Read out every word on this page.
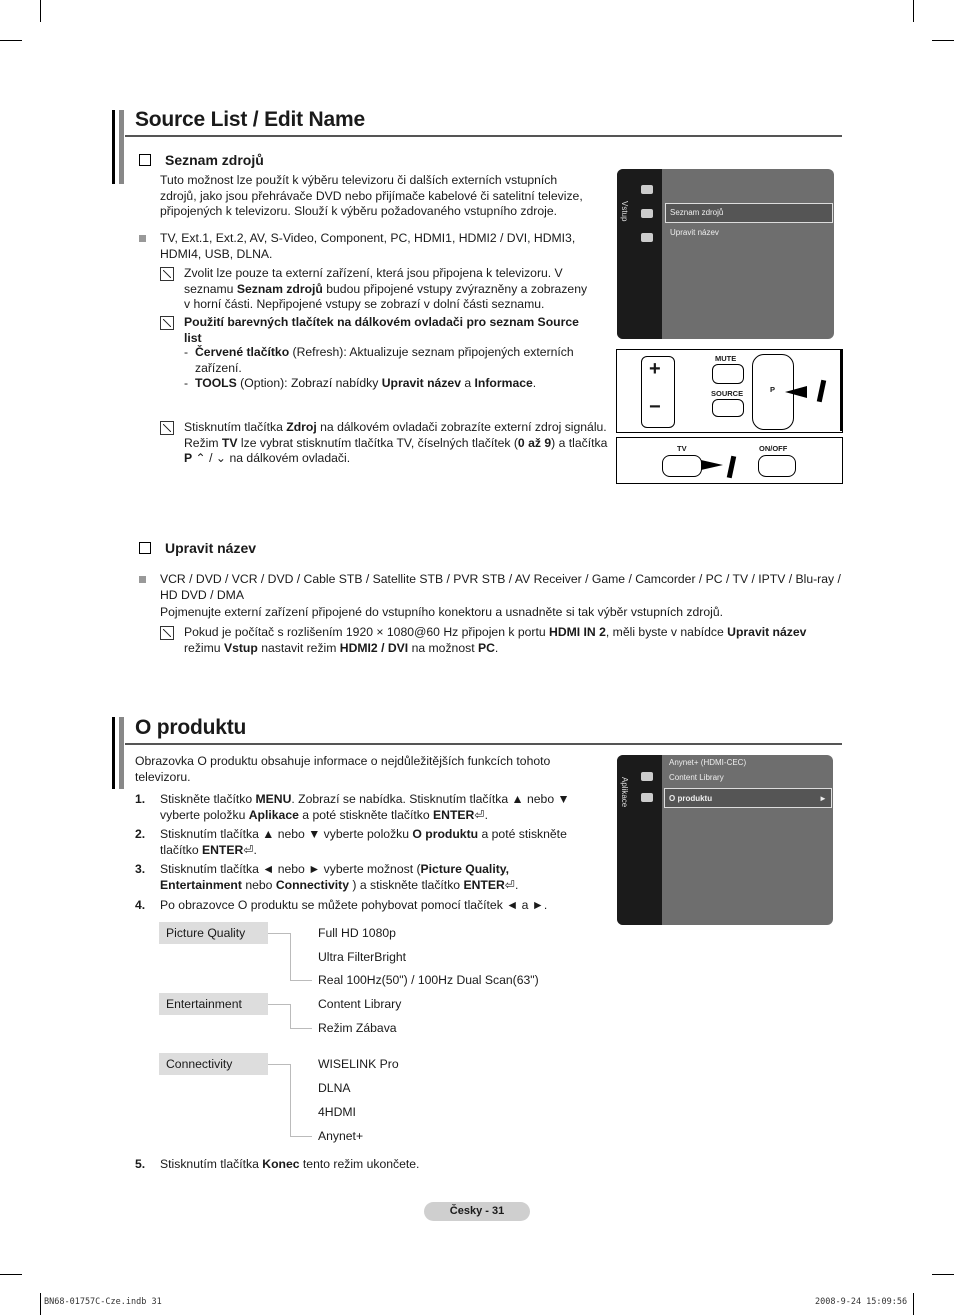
Source List / Edit Name
Seznam zdrojů
Tuto možnost lze použít k výběru televizoru či dalších externích vstupních zdrojů, jako jsou přehrávače DVD nebo přijímače kabelové či satelitní televize, připojených k televizoru. Slouží k výběru požadovaného vstupního zdroje.
TV, Ext.1, Ext.2, AV, S-Video, Component, PC, HDMI1, HDMI2 / DVI, HDMI3, HDMI4, USB, DLNA.
Zvolit lze pouze ta externí zařízení, která jsou připojena k televizoru. V seznamu Seznam zdrojů budou připojené vstupy zvýrazněny a zobrazeny v horní části. Nepřipojené vstupy se zobrazí v dolní části seznamu.
Použití barevných tlačítek na dálkovém ovladači pro seznam Source list
- Červené tlačítko (Refresh): Aktualizuje seznam připojených externích zařízení.
- TOOLS (Option): Zobrazí nabídky Upravit název a Informace.
Stisknutím tlačítka Zdroj na dálkovém ovladači zobrazíte externí zdroj signálu. Režim TV lze vybrat stisknutím tlačítka TV, číselných tlačítek (0 až 9) a tlačítka P ⌃ / ⌄ na dálkovém ovladači.
Vstup	Seznam zdrojů
Upravit název
+
−
MUTE
SOURCE	P
TV	ON/OFF
Upravit název
VCR / DVD / VCR / DVD / Cable STB / Satellite STB / PVR STB / AV Receiver / Game / Camcorder / PC / TV / IPTV / Blu-ray / HD DVD / DMA
Pojmenujte externí zařízení připojené do vstupního konektoru a usnadněte si tak výběr vstupních zdrojů.
Pokud je počítač s rozlišením 1920 × 1080@60 Hz připojen k portu HDMI IN 2, měli byste v nabídce Upravit název režimu Vstup nastavit režim HDMI2 / DVI na možnost PC.
O produktu
Obrazovka O produktu obsahuje informace o nejdůležitějších funkcích tohoto televizoru.
1. Stiskněte tlačítko MENU. Zobrazí se nabídka. Stisknutím tlačítka ▲ nebo ▼ vyberte položku Aplikace a poté stiskněte tlačítko ENTER⏎.
2. Stisknutím tlačítka ▲ nebo ▼ vyberte položku O produktu a poté stiskněte tlačítko ENTER⏎.
3. Stisknutím tlačítka ◄ nebo ► vyberte možnost (Picture Quality, Entertainment nebo Connectivity ) a stiskněte tlačítko ENTER⏎.
4. Po obrazovce O produktu se můžete pohybovat pomocí tlačítek ◄ a ►.
Aplikace
Anynet+ (HDMI-CEC)
Content Library
O produktu	►
Picture Quality	Full HD 1080p
Ultra FilterBright
Real 100Hz(50") / 100Hz Dual Scan(63")
Entertainment	Content Library
Režim Zábava
Connectivity	WISELINK Pro
DLNA
4HDMI
Anynet+
5. Stisknutím tlačítka Konec tento režim ukončete.
Česky - 31
BN68-01757C-Cze.indb 31	2008-9-24 15:09:56
